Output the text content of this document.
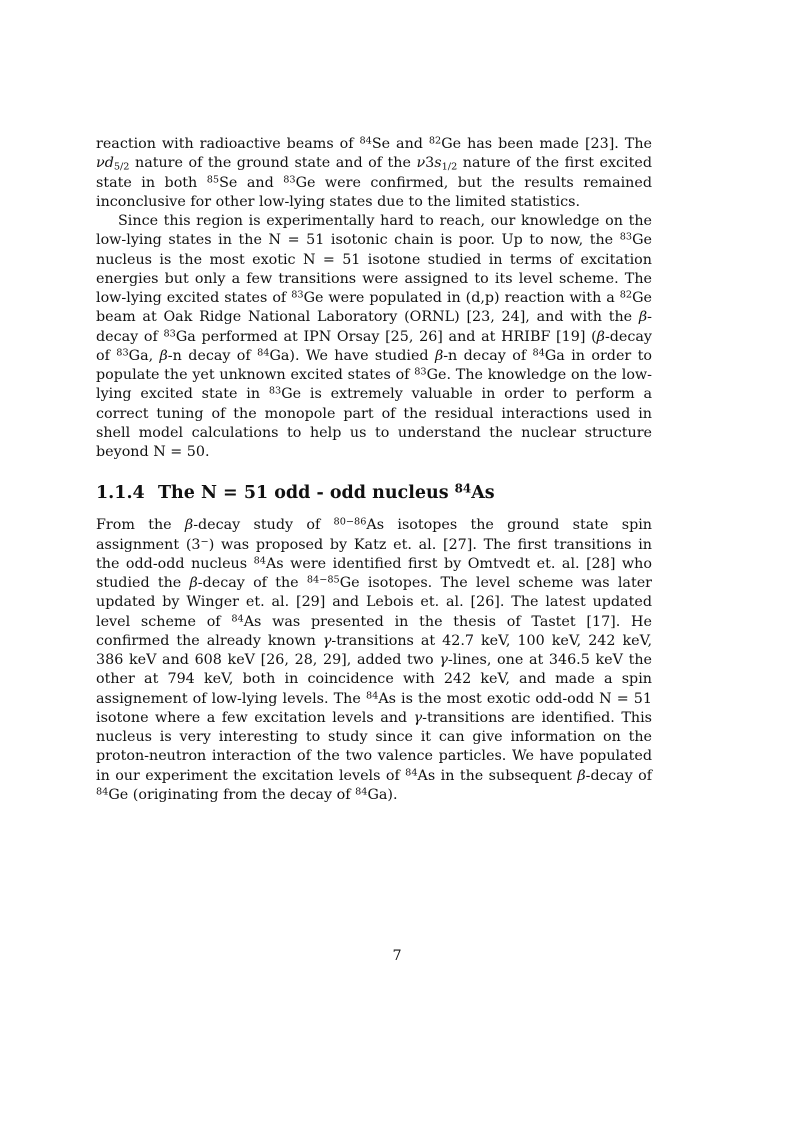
reaction with radioactive beams of $^{84}$Se and $^{82}$Ge has been made [23]. The $\nu d_{5/2}$ nature of the ground state and of the $\nu 3s_{1/2}$ nature of the first excited state in both $^{85}$Se and $^{83}$Ge were confirmed, but the results remained inconclusive for other low-lying states due to the limited statistics.

Since this region is experimentally hard to reach, our knowledge on the low-lying states in the N = 51 isotonic chain is poor. Up to now, the $^{83}$Ge nucleus is the most exotic N = 51 isotone studied in terms of excitation energies but only a few transitions were assigned to its level scheme. The low-lying excited states of $^{83}$Ge were populated in (d,p) reaction with a $^{82}$Ge beam at Oak Ridge National Laboratory (ORNL) [23, 24], and with the β-decay of $^{83}$Ga performed at IPN Orsay [25, 26] and at HRIBF [19] (β-decay of $^{83}$Ga, β-n decay of $^{84}$Ga). We have studied β-n decay of $^{84}$Ga in order to populate the yet unknown excited states of $^{83}$Ge. The knowledge on the low-lying excited state in $^{83}$Ge is extremely valuable in order to perform a correct tuning of the monopole part of the residual interactions used in shell model calculations to help us to understand the nuclear structure beyond N = 50.

1.1.4 The N = 51 odd - odd nucleus $^{84}$As

From the β-decay study of $^{80-86}$As isotopes the ground state spin assignment (3−) was proposed by Katz et. al. [27]. The first transitions in the odd-odd nucleus $^{84}$As were identified first by Omtvedt et. al. [28] who studied the β-decay of the $^{84-85}$Ge isotopes. The level scheme was later updated by Winger et. al. [29] and Lebois et. al. [26]. The latest updated level scheme of $^{84}$As was presented in the thesis of Tastet [17]. He confirmed the already known γ-transitions at 42.7 keV, 100 keV, 242 keV, 386 keV and 608 keV [26, 28, 29], added two γ-lines, one at 346.5 keV the other at 794 keV, both in coincidence with 242 keV, and made a spin assignement of low-lying levels. The $^{84}$As is the most exotic odd-odd N = 51 isotone where a few excitation levels and γ-transitions are identified. This nucleus is very interesting to study since it can give information on the proton-neutron interaction of the two valence particles. We have populated in our experiment the excitation levels of $^{84}$As in the subsequent β-decay of $^{84}$Ge (originating from the decay of $^{84}$Ga).

7
